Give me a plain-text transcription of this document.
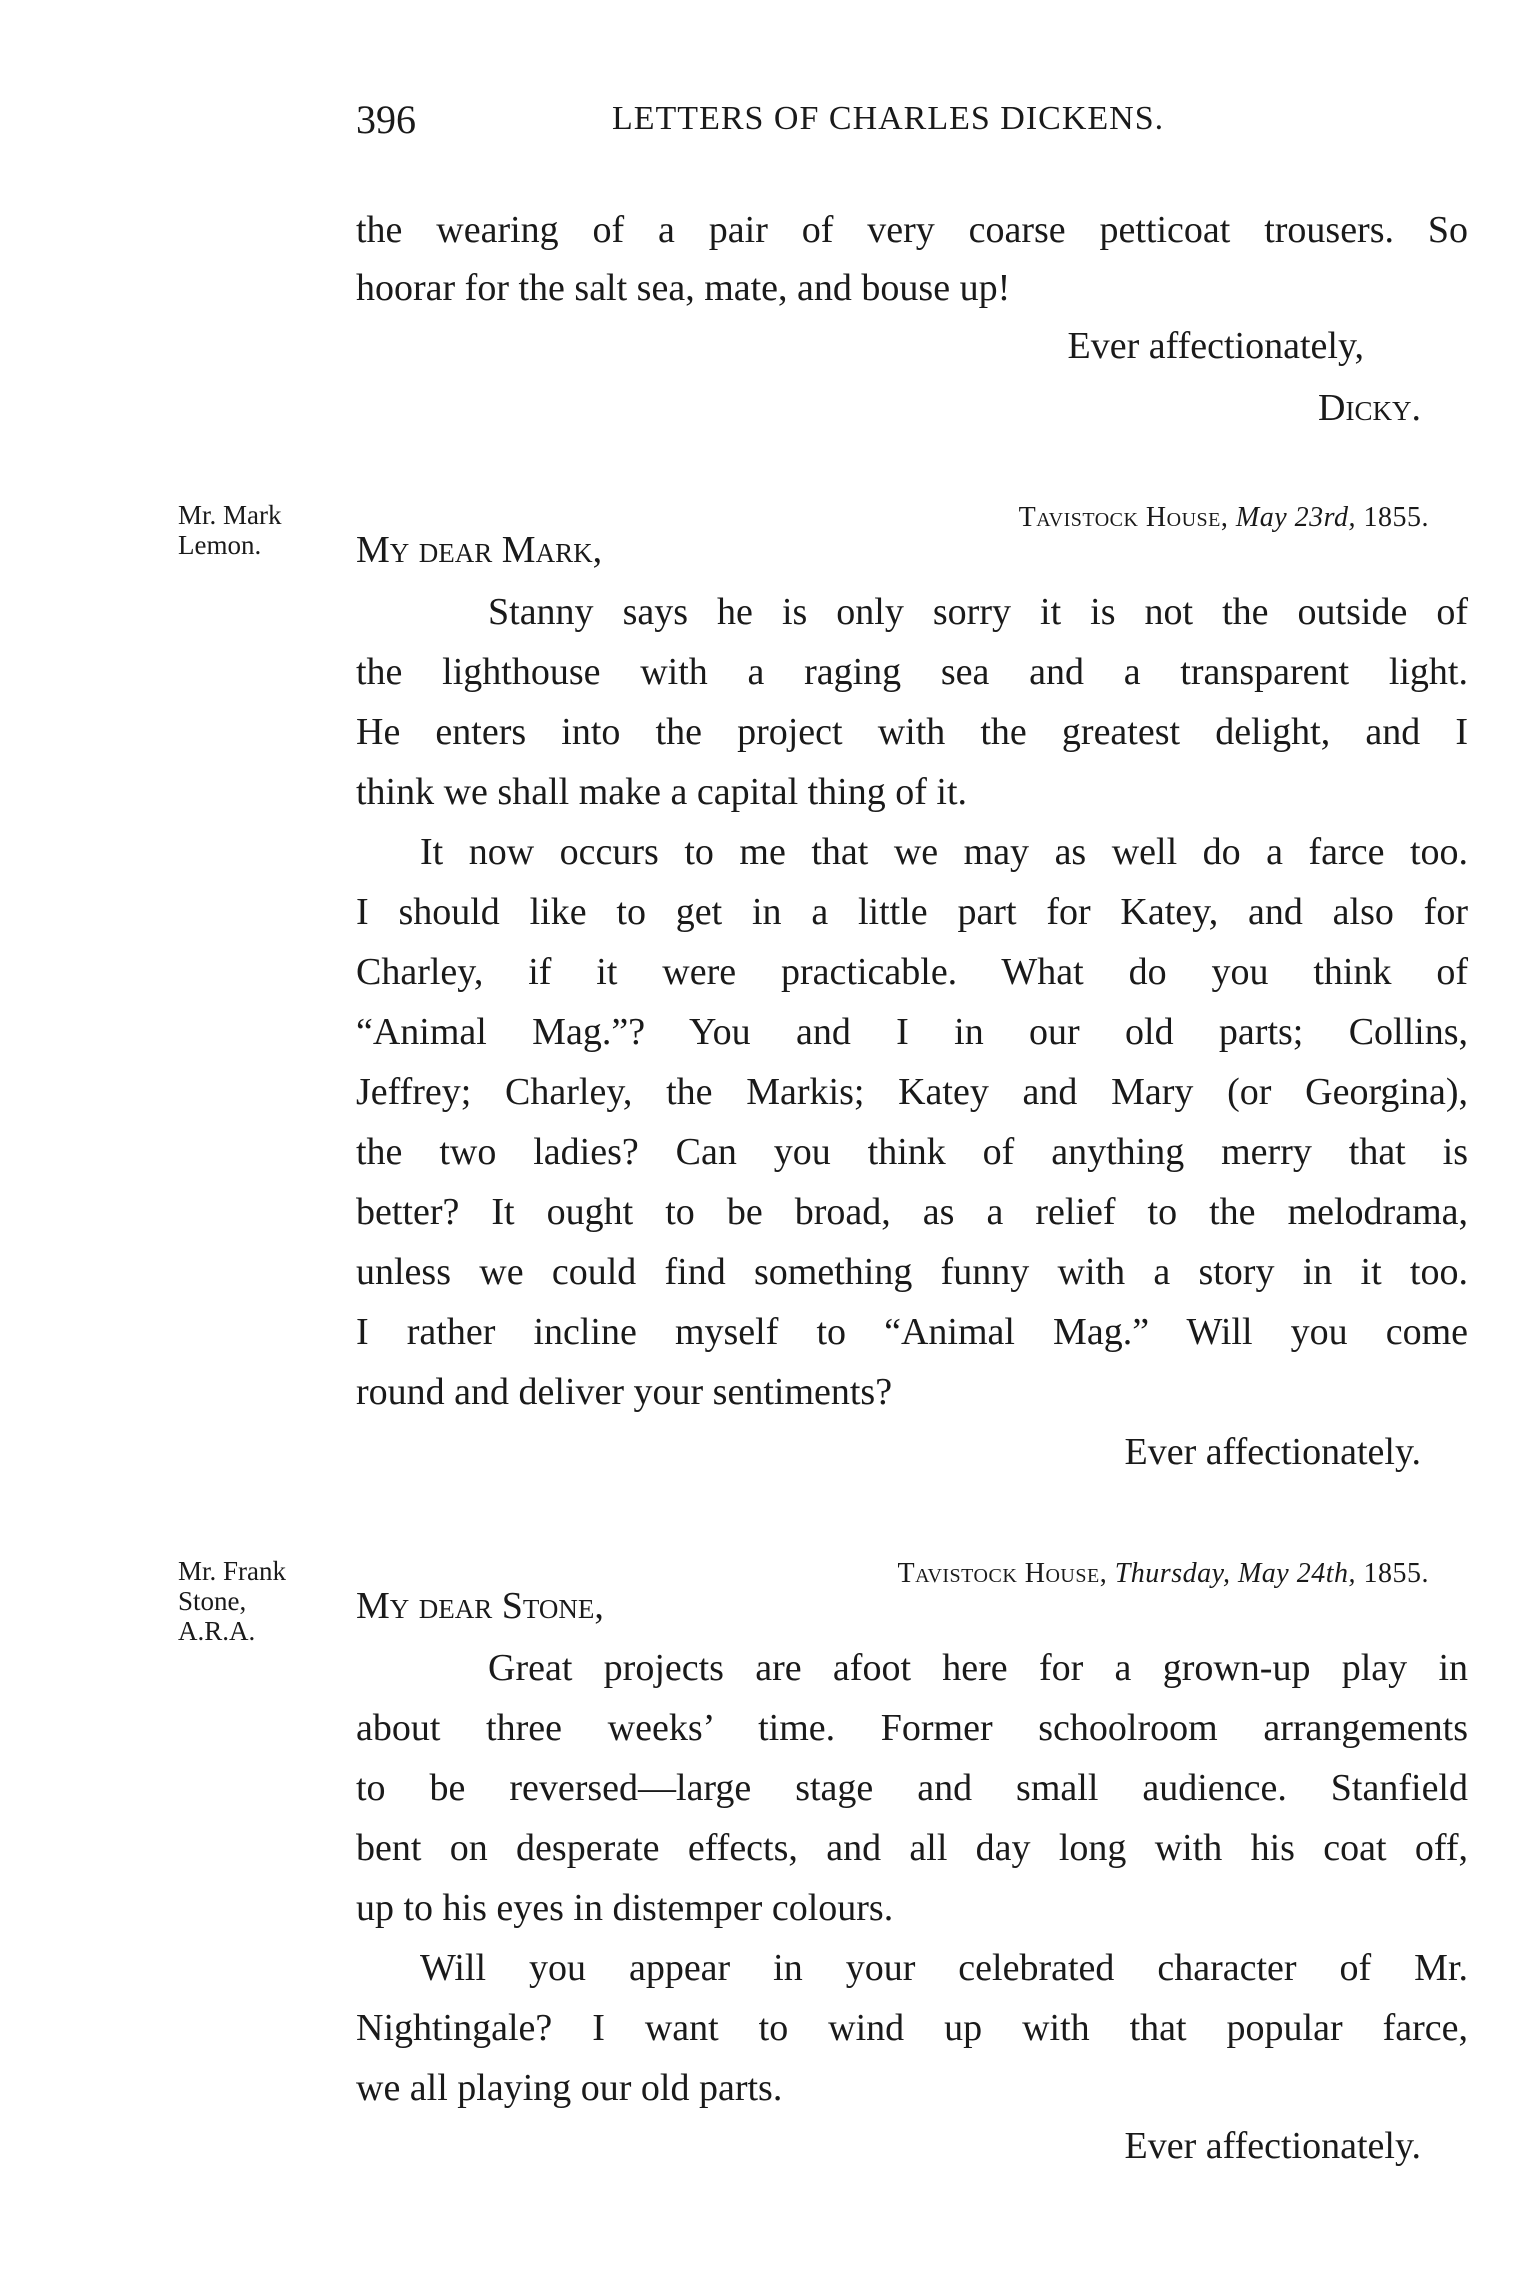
396	LETTERS OF CHARLES DICKENS.
the wearing of a pair of very coarse petticoat trousers. So
hoorar for the salt sea, mate, and bouse up!
Ever affectionately,
Dicky.
Mr. Mark
Lemon.
Tavistock House, May 23rd, 1855.
My dear Mark,
Stanny says he is only sorry it is not the outside of
the lighthouse with a raging sea and a transparent light.
He enters into the project with the greatest delight, and I
think we shall make a capital thing of it.
It now occurs to me that we may as well do a farce too.
I should like to get in a little part for Katey, and also for
Charley, if it were practicable. What do you think of
“Animal Mag.”? You and I in our old parts; Collins,
Jeffrey; Charley, the Markis; Katey and Mary (or Georgina),
the two ladies? Can you think of anything merry that is
better? It ought to be broad, as a relief to the melodrama,
unless we could find something funny with a story in it too.
I rather incline myself to “Animal Mag.” Will you come
round and deliver your sentiments?
Ever affectionately.
Mr. Frank
Stone,
A.R.A.
Tavistock House, Thursday, May 24th, 1855.
My dear Stone,
Great projects are afoot here for a grown-up play in
about three weeks’ time. Former schoolroom arrangements
to be reversed—large stage and small audience. Stanfield
bent on desperate effects, and all day long with his coat off,
up to his eyes in distemper colours.
Will you appear in your celebrated character of Mr.
Nightingale? I want to wind up with that popular farce,
we all playing our old parts.
Ever affectionately.
